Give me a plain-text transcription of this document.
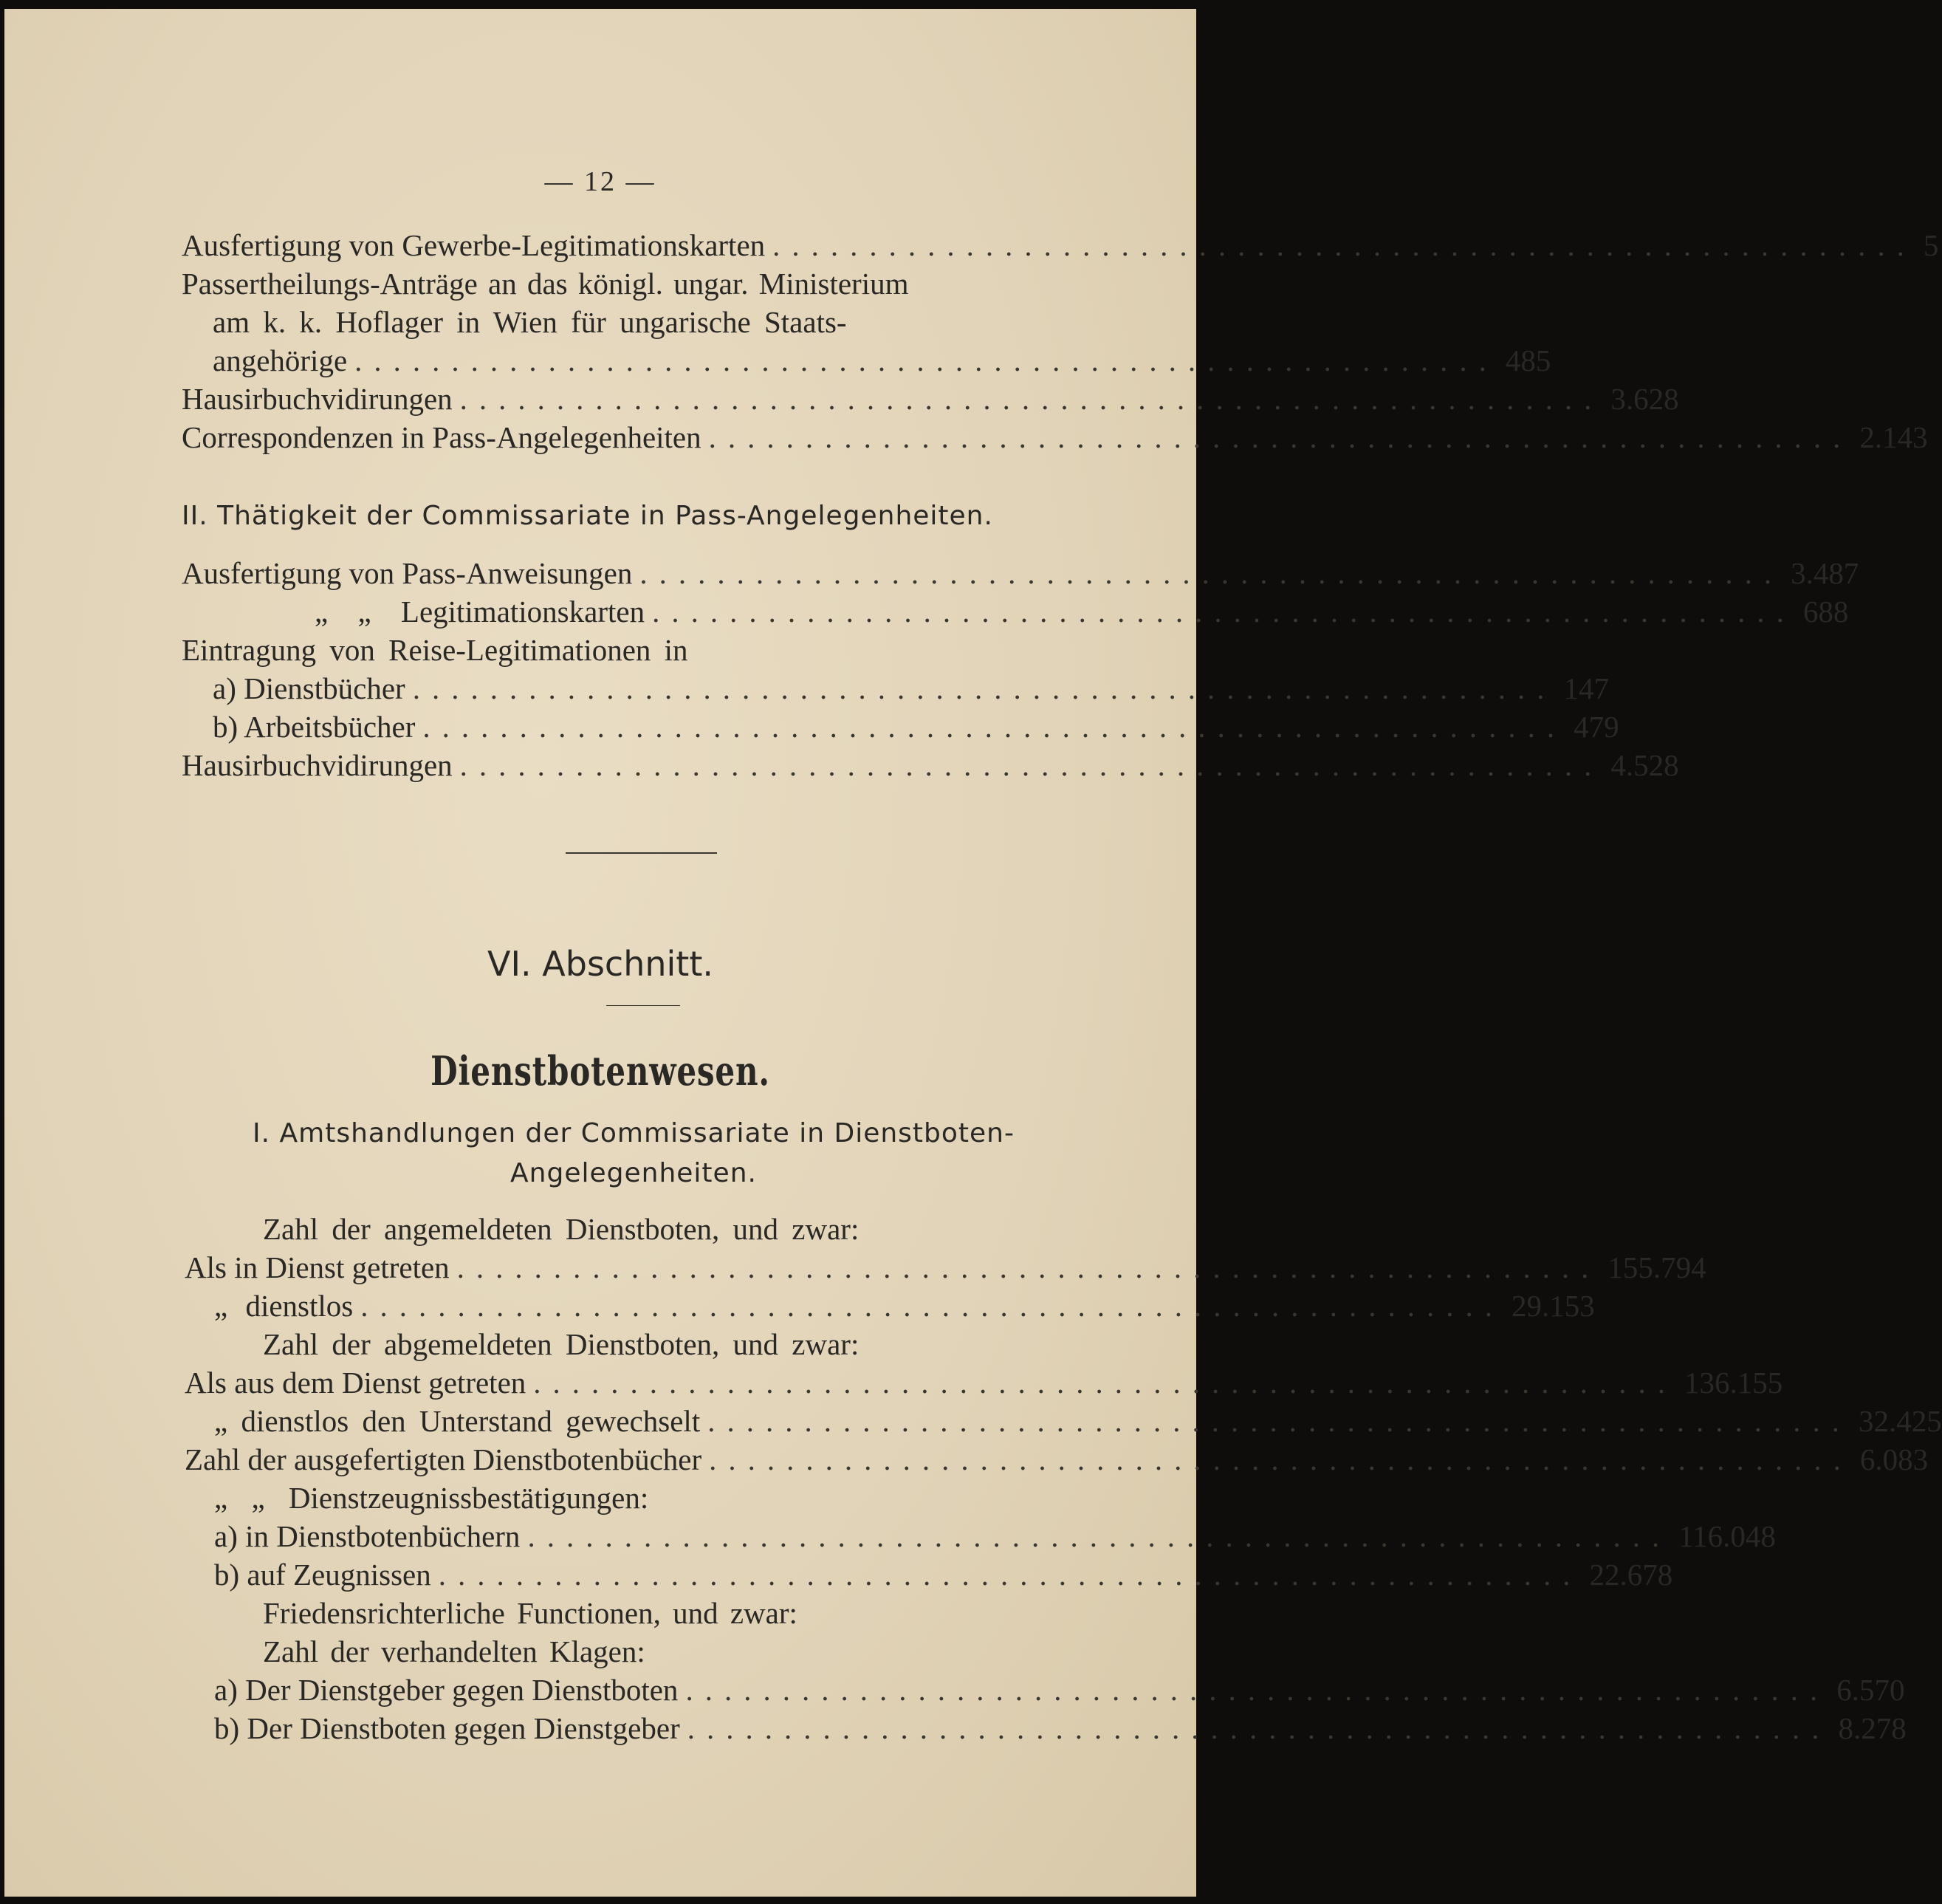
— 12 —
Ausfertigung von Gewerbe-Legitimationskarten ........................................................... 5
Passertheilungs-Anträge an das königl. ungar. Ministerium
am k. k. Hoflager in Wien für ungarische Staats-
angehörige ........................................................... 485
Hausirbuchvidirungen ........................................................... 3.628
Correspondenzen in Pass-Angelegenheiten ........................................................... 2.143
II. Thätigkeit der Commissariate in Pass-Angelegenheiten.
Ausfertigung von Pass-Anweisungen ........................................................... 3.487
„ „ Legitimationskarten ........................................................... 688
Eintragung von Reise-Legitimationen in
a) Dienstbücher ........................................................... 147
b) Arbeitsbücher ........................................................... 479
Hausirbuchvidirungen ........................................................... 4.528
VI. Abschnitt.
Dienstbotenwesen.
I. Amtshandlungen der Commissariate in Dienstboten-
Angelegenheiten.
Zahl der angemeldeten Dienstboten, und zwar:
Als in Dienst getreten ........................................................... 155.794
„ dienstlos ........................................................... 29.153
Zahl der abgemeldeten Dienstboten, und zwar:
Als aus dem Dienst getreten ........................................................... 136.155
„ dienstlos den Unterstand gewechselt ........................................................... 32.425
Zahl der ausgefertigten Dienstbotenbücher ........................................................... 6.083
„ „ Dienstzeugnissbestätigungen:
a) in Dienstbotenbüchern ........................................................... 116.048
b) auf Zeugnissen ........................................................... 22.678
Friedensrichterliche Functionen, und zwar:
Zahl der verhandelten Klagen:
a) Der Dienstgeber gegen Dienstboten ........................................................... 6.570
b) Der Dienstboten gegen Dienstgeber ........................................................... 8.278
